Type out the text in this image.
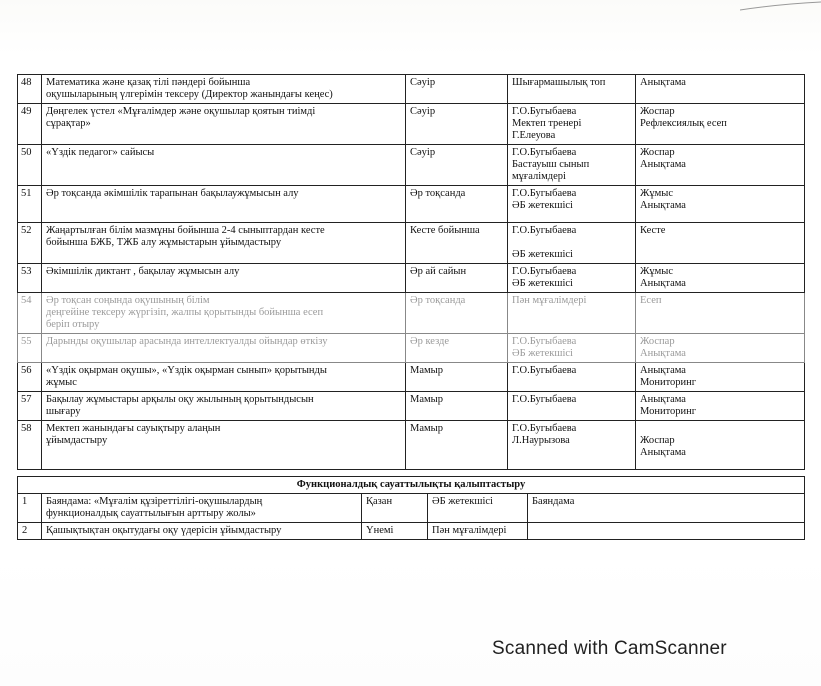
48	Математика және қазақ тілі пәндері бойынша
оқушыларының үлгерімін тексеру (Директор жанындағы кеңес)	Сәуір	Шығармашылық топ	Анықтама

49	Дөңгелек үстел «Мұғалімдер және оқушылар қоятын тиімді
сұрақтар»	Сәуір	Г.О.Бугыбаева
Мектеп тренері
Г.Елеуова	Жоспар
Рефлексиялық есеп

50	«Үздік педагог» сайысы	Сәуір	Г.О.Бугыбаева
Бастауыш сынып
мұғалімдері	Жоспар
Анықтама

51	Әр тоқсанда әкімшілік тарапынан бақылаужұмысын алу	Әр тоқсанда	Г.О.Бугыбаева
ӘБ жетекшісі	Жұмыс
Анықтама

52	Жаңартылған білім мазмұны бойынша 2-4 сыныптардан кесте
бойынша БЖБ, ТЖБ алу жұмыстарын ұйымдастыру	Кесте бойынша	Г.О.Бугыбаева

ӘБ жетекшісі	Кесте

53	Әкімшілік диктант , бақылау жұмысын алу	Әр ай сайын	Г.О.Бугыбаева
ӘБ жетекшісі	Жұмыс
Анықтама

54	Әр тоқсан соңында оқушының білім
деңгейіне тексеру жүргізіп, жалпы қорытынды бойынша есеп
беріп отыру	Әр тоқсанда	Пән мұғалімдері	Есеп

55	Дарынды оқушылар арасында интеллектуалды ойындар өткізу	Әр кезде	Г.О.Бугыбаева
ӘБ жетекшісі	Жоспар
Анықтама

56	«Үздік оқырман оқушы», «Үздік оқырман сынып» қорытынды
жұмыс	Мамыр	Г.О.Бугыбаева	Анықтама
Мониторинг

57	Бақылау жұмыстары арқылы оқу жылының қорытындысын
шығару	Мамыр	Г.О.Бугыбаева	Анықтама
Мониторинг

58	Мектеп жанындағы сауықтыру алаңын
ұйымдастыру	Мамыр	Г.О.Бугыбаева
Л.Наурызова	Жоспар
Анықтама
Функционалдық сауаттылықты қалыптастыру				
1	Баяндама: «Мұғалім құзіреттілігі-оқушылардың
функционалдық сауаттылығын арттыру жолы»	Қазан	ӘБ жетекшісі	Баяндама
2	Қашықтықтан оқытудағы оқу үдерісін ұйымдастыру	Үнемі	Пән мұғалімдері	
Scanned with CamScanner
